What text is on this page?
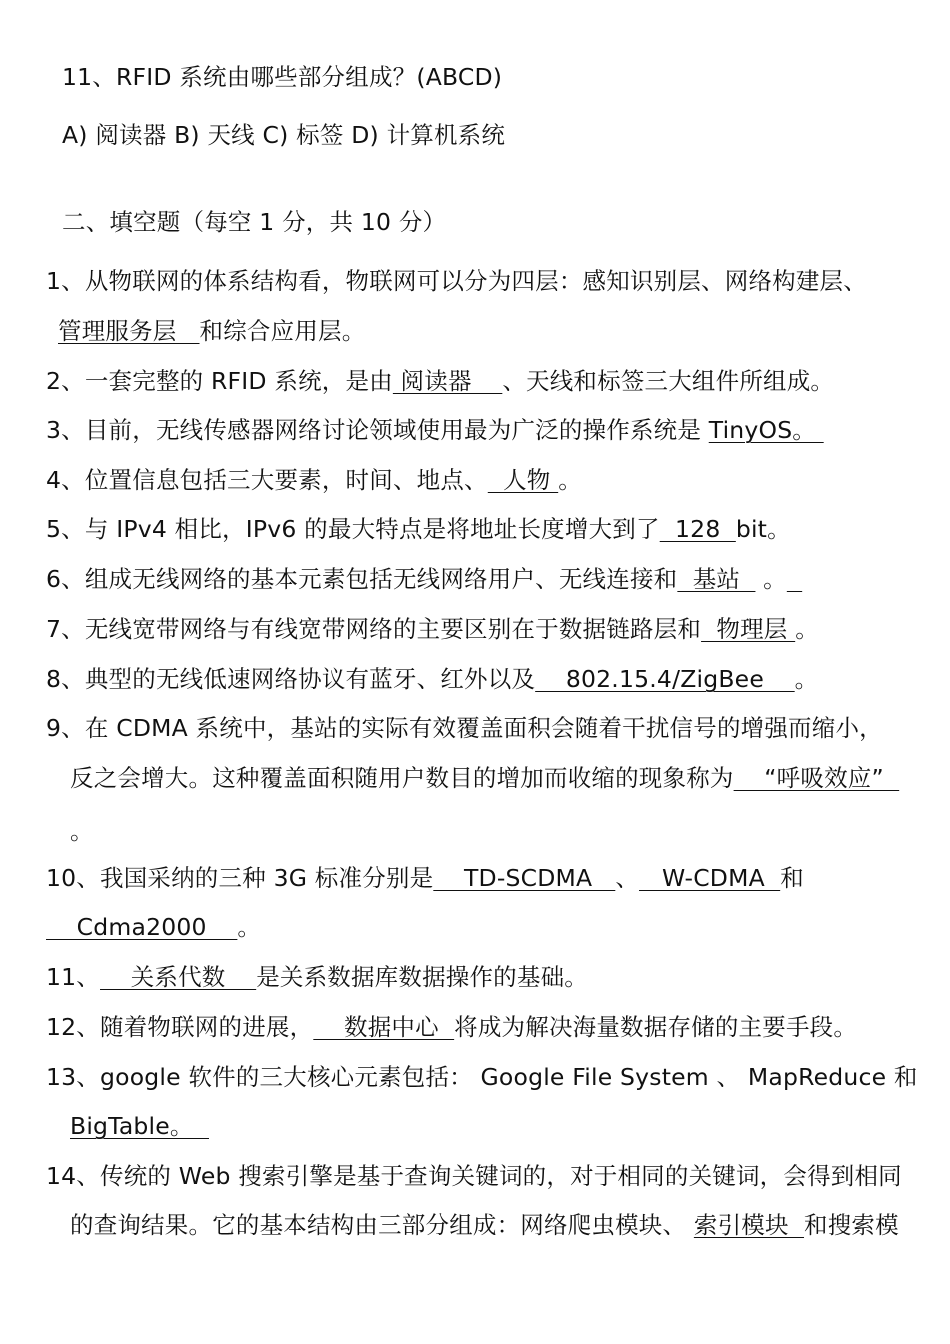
11、RFID 系统由哪些部分组成？(ABCD)
A) 阅读器 B) 天线 C) 标签 D) 计算机系统
二、填空题（每空 1 分，共 10 分）
1、从物联网的体系结构看，物联网可以分为四层：感知识别层、网络构建层、
管理服务层   和综合应用层。
2、一套完整的 RFID 系统，是由 阅读器    、天线和标签三大组件所组成。
3、目前，无线传感器网络讨论领域使用最为广泛的操作系统是 TinyOS。
4、位置信息包括三大要素，时间、地点、  人物 。
5、与 IPv4 相比，IPv6 的最大特点是将地址长度增大到了  128  bit。
6、组成无线网络的基本元素包括无线网络用户、无线连接和  基站   。
7、无线宽带网络与有线宽带网络的主要区别在于数据链路层和  物理层 。
8、典型的无线低速网络协议有蓝牙、红外以及    802.15.4/ZigBee    。
9、在 CDMA 系统中，基站的实际有效覆盖面积会随着干扰信号的增强而缩小，
反之会增大。这种覆盖面积随用户数目的增加而收缩的现象称为    “呼吸效应”
。
10、我国采纳的三种 3G 标准分别是    TD-SCDMA   、   W-CDMA  和
Cdma2000    。
11、    关系代数    是关系数据库数据操作的基础。
12、随着物联网的进展，    数据中心  将成为解决海量数据存储的主要手段。
13、google 软件的三大核心元素包括： Google File System 、 MapReduce 和
BigTable。
14、传统的 Web 搜索引擎是基于查询关键词的，对于相同的关键词，会得到相同
的查询结果。它的基本结构由三部分组成：网络爬虫模块、 索引模块  和搜索模
